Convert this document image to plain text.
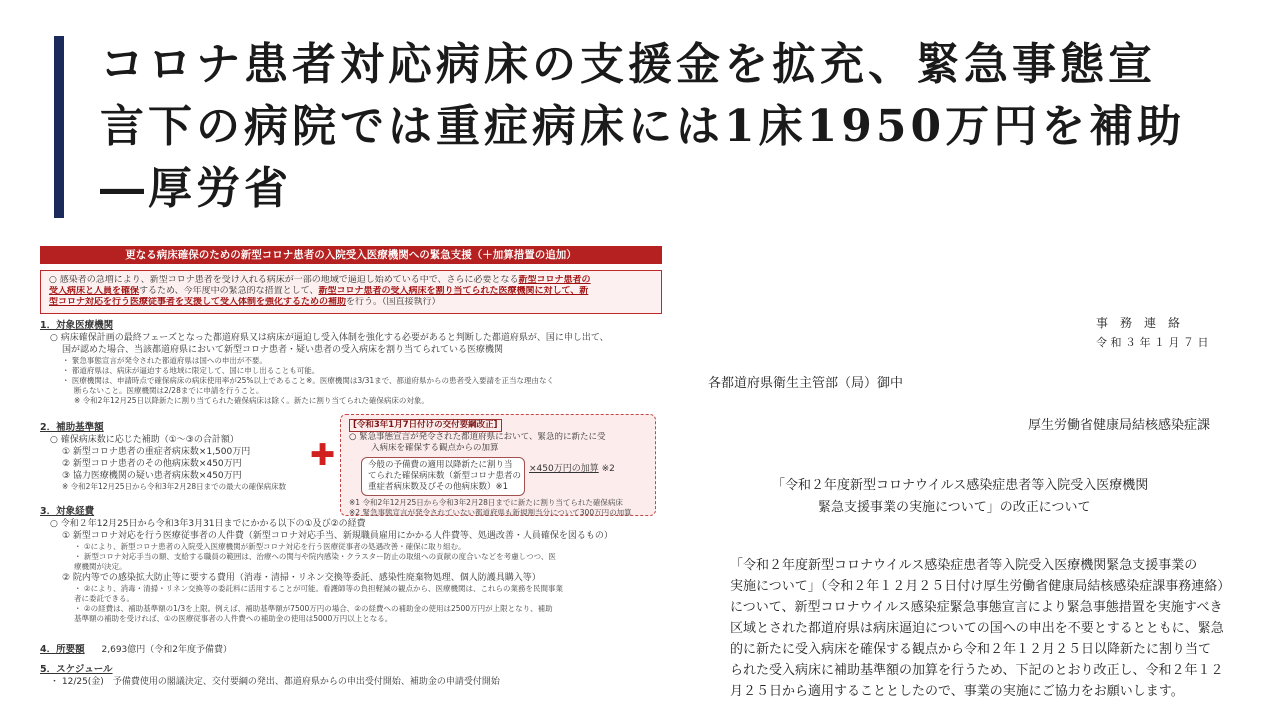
コロナ患者対応病床の支援金を拡充、緊急事態宣
言下の病院では重症病床には1床1950万円を補助
―厚労省
更なる病床確保のための新型コロナ患者の入院受入医療機関への緊急支援（＋加算措置の追加）
○ 感染者の急増により、新型コロナ患者を受け入れる病床が一部の地域で逼迫し始めている中で、さらに必要となる新型コロナ患者の
受入病床と人員を確保するため、今年度中の緊急的な措置として、新型コロナ患者の受入病床を割り当てられた医療機関に対して、新
型コロナ対応を行う医療従事者を支援して受入体制を強化するための補助を行う。（国直接執行）
1．対象医療機関
○ 病床確保計画の最終フェーズとなった都道府県又は病床が逼迫し受入体制を強化する必要があると判断した都道府県が、国に申し出て、
国が認めた場合、当該都道府県において新型コロナ患者・疑い患者の受入病床を割り当てられている医療機関
・ 緊急事態宣言が発令された都道府県は国への申出が不要。
・ 都道府県は、病床が逼迫する地域に限定して、国に申し出ることも可能。
・ 医療機関は、申請時点で確保病床の病床使用率が25%以上であること※。医療機関は3/31まで、都道府県からの患者受入要請を正当な理由なく
断らないこと。医療機関は2/28までに申請を行うこと。
※ 令和2年12月25日以降新たに割り当てられた確保病床は除く。新たに割り当てられた確保病床の対象。
2．補助基準額
○ 確保病床数に応じた補助（①～③の合計額）
① 新型コロナ患者の重症者病床数×1,500万円
② 新型コロナ患者のその他病床数×450万円
③ 協力医療機関の疑い患者病床数×450万円
※ 令和2年12月25日から令和3年2月28日までの最大の確保病床数
✚
[令和3年1月7日付けの交付要綱改正]
○ 緊急事態宣言が発令された都道府県において、緊急的に新たに受
入病床を確保する観点からの加算
今般の予備費の適用以降新たに割り当
てられた確保病床数（新型コロナ患者の
重症者病床数及びその他病床数）※1
×450万円の加算 ※2
※1 令和2年12月25日から令和3年2月28日までに新たに割り当てられた確保病床
※2 緊急事態宣言が発令されていない都道府県も新規割当分について300万円の加算
3．対象経費
○ 令和２年12月25日から令和3年3月31日までにかかる以下の①及び②の経費
① 新型コロナ対応を行う医療従事者の人件費（新型コロナ対応手当、新規職員雇用にかかる人件費等、処遇改善・人員確保を図るもの）
・ ①により、新型コロナ患者の入院受入医療機関が新型コロナ対応を行う医療従事者の処遇改善・確保に取り組む。
・ 新型コロナ対応手当の額、支給する職員の範囲は、治療への関与や院内感染・クラスター防止の取組への貢献の度合いなどを考慮しつつ、医
療機関が決定。
② 院内等での感染拡大防止等に要する費用（消毒・清掃・リネン交換等委託、感染性廃棄物処理、個人防護具購入等）
・ ②により、消毒・清掃・リネン交換等の委託料に活用することが可能。看護師等の負担軽減の観点から、医療機関は、これらの業務を民間事業
者に委託できる。
・ ②の経費は、補助基準額の1/3を上限。例えば、補助基準額が7500万円の場合、②の経費への補助金の使用は2500万円が上限となり、補助
基準額の補助を受ければ、①の医療従事者の人件費への補助金の使用は5000万円以上となる。
4．所要額 2,693億円（令和2年度予備費）
5．スケジュール
・ 12/25(金)　予備費使用の閣議決定、交付要綱の発出、都道府県からの申出受付開始、補助金の申請受付開始
事　務　連　絡
令 和 ３ 年 １ 月 ７ 日
各都道府県衛生主管部（局）御中
厚生労働省健康局結核感染症課
「令和２年度新型コロナウイルス感染症患者等入院受入医療機関
緊急支援事業の実施について」の改正について
「令和２年度新型コロナウイルス感染症患者等入院受入医療機関緊急支援事業の
実施について」（令和２年１２月２５日付け厚生労働省健康局結核感染症課事務連絡）
について、新型コロナウイルス感染症緊急事態宣言により緊急事態措置を実施すべき
区域とされた都道府県は病床逼迫についての国への申出を不要とするとともに、緊急
的に新たに受入病床を確保する観点から令和２年１２月２５日以降新たに割り当て
られた受入病床に補助基準額の加算を行うため、下記のとおり改正し、令和２年１２
月２５日から適用することとしたので、事業の実施にご協力をお願いします。
